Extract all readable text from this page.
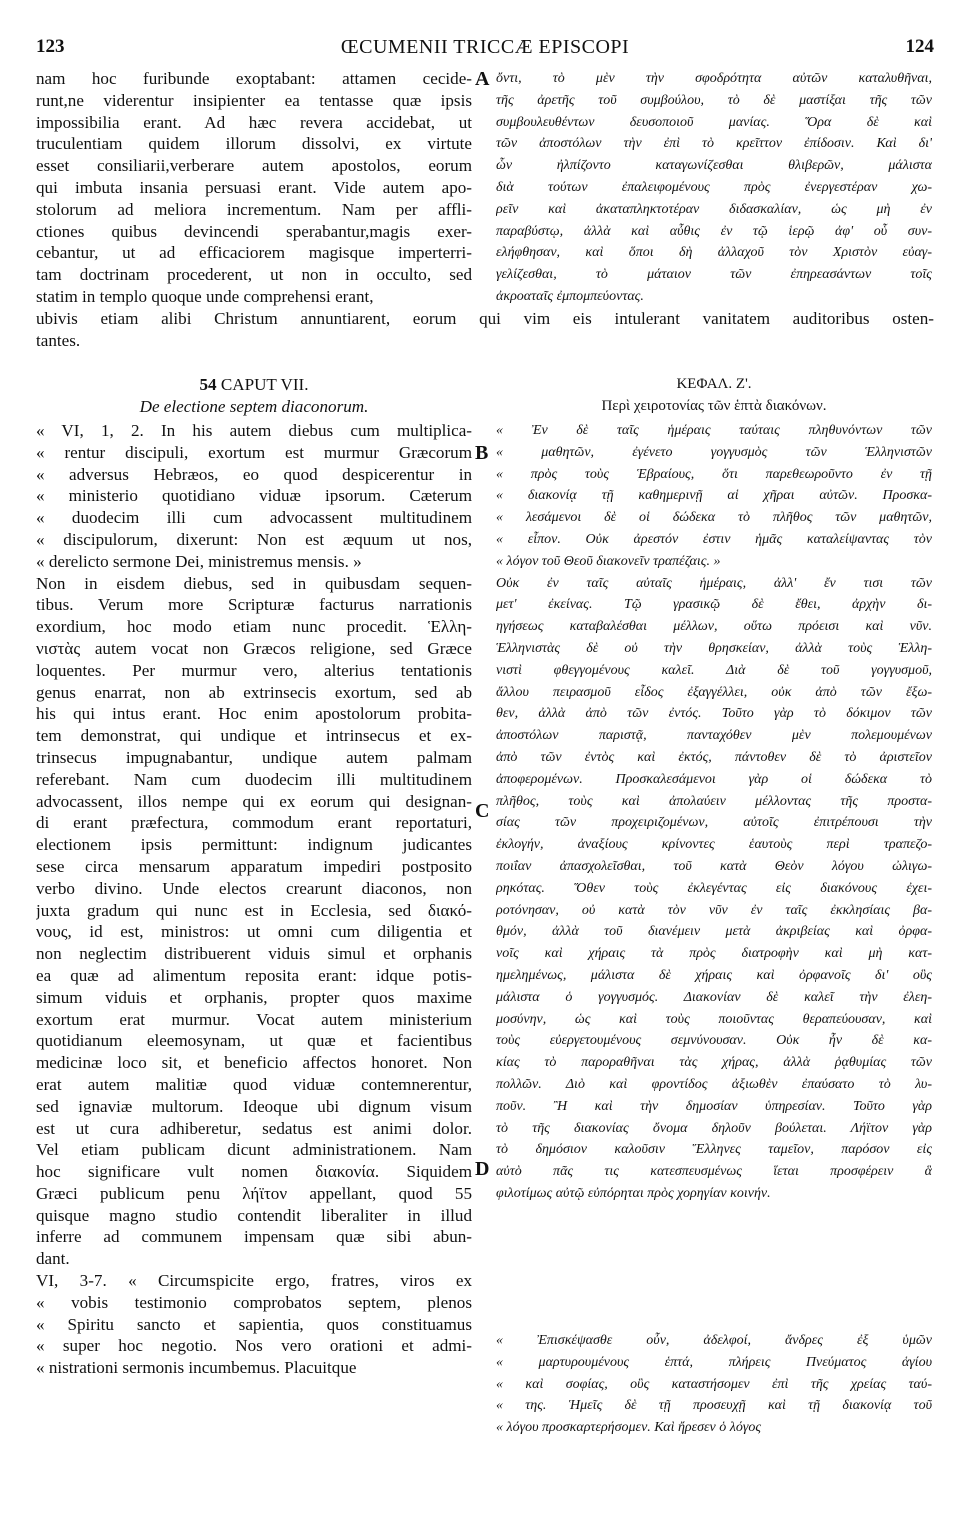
123	ŒCUMENII TRICCÆ EPISCOPI	124
nam hoc furibunde exoptabant: attamen cecide-
runt,ne viderentur insipienter ea tentasse quæ ipsis
impossibilia erant. Ad hæc revera accidebat, ut
truculentiam quidem illorum dissolvi, ex virtute
esset consiliarii,verberare autem apostolos, eorum
qui imbuta insania persuasi erant. Vide autem apo-
stolorum ad meliora incrementum. Nam per affli-
ctiones quibus devincendi sperabantur,magis exer-
cebantur, ut ad efficaciorem magisque imperterri-
tam doctrinam procederent, ut non in occulto, sed
statim in templo quoque unde comprehensi erant,
ὄντι, τὸ μὲν τὴν σφοδρότητα αὐτῶν καταλυθῆναι,
τῆς ἀρετῆς τοῦ συμβούλου, τὸ δὲ μαστίξαι τῆς τῶν
συμβουλευθέντων δευσοποιοῦ μανίας. Ὅρα δὲ καὶ
τῶν ἀποστόλων τὴν ἐπὶ τὸ κρεῖττον ἐπίδοσιν. Καὶ δι'
ὧν ἠλπίζοντο καταγωνίζεσθαι θλιβερῶν, μάλιστα
διὰ τούτων ἐπαλειφομένους πρὸς ἐνεργεστέραν χω-
ρεῖν καὶ ἀκαταπληκτοτέραν διδασκαλίαν, ὡς μὴ ἐν
παραβύστῳ, ἀλλὰ καὶ αὖθις ἐν τῷ ἱερῷ ἀφ' οὗ συν-
ελήφθησαν, καὶ ὅποι δὴ ἀλλαχοῦ τὸν Χριστὸν εὐαγ-
γελίζεσθαι, τὸ μάταιον τῶν ἐπηρεασάντων τοῖς
ἀκροαταῖς ἐμπομπεύοντας.
ubivis etiam alibi Christum annuntiarent, eorum qui vim eis intulerant vanitatem auditoribus osten-
tantes.
54 CAPUT VII.
De electione septem diaconorum.
ΚΕΦΑΛ. Ζ'.
Περὶ χειροτονίας τῶν ἑπτὰ διακόνων.
« VI, 1, 2. In his autem diebus cum multiplica-
« rentur discipuli, exortum est murmur Græcorum
« adversus Hebræos, eo quod despicerentur in
« ministerio quotidiano viduæ ipsorum. Cæterum
« duodecim illi cum advocassent multitudinem
« discipulorum, dixerunt: Non est æquum ut nos,
« derelicto sermone Dei, ministremus mensis. »
Non in eisdem diebus, sed in quibusdam sequen-
tibus. Verum more Scripturæ facturus narrationis
exordium, hoc modo etiam nunc procedit. Ἑλλη-
νιστὰς autem vocat non Græcos religione, sed Græce
loquentes. Per murmur vero, alterius tentationis
genus enarrat, non ab extrinsecis exortum, sed ab
his qui intus erant. Hoc enim apostolorum probita-
tem demonstrat, qui undique et intrinsecus et ex-
trinsecus impugnabantur, undique autem palmam
referebant. Nam cum duodecim illi multitudinem
advocassent, illos nempe qui ex eorum qui designan-
di erant præfectura, commodum erant reportaturi,
electionem ipsis permittunt: indignum judicantes
sese circa mensarum apparatum impediri postposito
verbo divino. Unde electos crearunt diaconos, non
juxta gradum qui nunc est in Ecclesia, sed διακό-
νους, id est, ministros: ut omni cum diligentia et
non neglectim distribuerent viduis simul et orphanis
ea quæ ad alimentum reposita erant: idque potis-
simum viduis et orphanis, propter quos maxime
exortum erat murmur. Vocat autem ministerium
quotidianum eleemosynam, ut quæ et facientibus
medicinæ loco sit, et beneficio affectos honoret. Non
erat autem malitiæ quod viduæ contemnerentur,
sed ignaviæ multorum. Ideoque ubi dignum visum
est ut cura adhiberetur, sedatus est animi dolor.
Vel etiam publicam dicunt administrationem. Nam
hoc significare vult nomen διακονία. Siquidem
Græci publicum penu λήϊτον appellant, quod 55
quisque magno studio contendit liberaliter in illud
inferre ad communem impensam quæ sibi abun-
dant.
VI, 3-7. « Circumspicite ergo, fratres, viros ex
« vobis testimonio comprobatos septem, plenos
« Spiritu sancto et sapientia, quos constituamus
« super hoc negotio. Nos vero orationi et admi-
« nistrationi sermonis incumbemus. Placuitque
« Ἐν δὲ ταῖς ἡμέραις ταύταις πληθυνόντων τῶν
« μαθητῶν, ἐγένετο γογγυσμὸς τῶν Ἑλληνιστῶν
« πρὸς τοὺς Ἑβραίους, ὅτι παρεθεωροῦντο ἐν τῇ
« διακονίᾳ τῇ καθημερινῇ αἱ χῆραι αὐτῶν. Προσκα-
« λεσάμενοι δὲ οἱ δώδεκα τὸ πλῆθος τῶν μαθητῶν,
« εἶπον. Οὐκ ἀρεστόν ἐστιν ἡμᾶς καταλείψαντας τὸν
« λόγον τοῦ Θεοῦ διακονεῖν τραπέζαις. »
Οὐκ ἐν ταῖς αὐταῖς ἡμέραις, ἀλλ' ἔν τισι τῶν
μετ' ἐκείνας. Τῷ γρασικῷ δὲ ἔθει, ἀρχὴν δι-
ηγήσεως καταβαλέσθαι μέλλων, οὕτω πρόεισι καὶ νῦν.
Ἑλληνιστὰς δὲ οὐ τὴν θρησκείαν, ἀλλὰ τοὺς Ἑλλη-
νιστὶ φθεγγομένους καλεῖ. Διὰ δὲ τοῦ γογγυσμοῦ,
ἄλλου πειρασμοῦ εἶδος ἐξαγγέλλει, οὐκ ἀπὸ τῶν ἔξω-
θεν, ἀλλὰ ἀπὸ τῶν ἐντός. Τοῦτο γὰρ τὸ δόκιμον τῶν
ἀποστόλων παριστᾷ, πανταχόθεν μὲν πολεμουμένων
ἀπὸ τῶν ἐντὸς καὶ ἐκτός, πάντοθεν δὲ τὸ ἀριστεῖον
ἀποφερομένων. Προσκαλεσάμενοι γὰρ οἱ δώδεκα τὸ
πλῆθος, τοὺς καὶ ἀπολαύειν μέλλοντας τῆς προστα-
σίας τῶν προχειριζομένων, αὐτοῖς ἐπιτρέπουσι τὴν
ἐκλογήν, ἀναξίους κρίνοντες ἑαυτοὺς περὶ τραπεζο-
ποιΐαν ἀπασχολεῖσθαι, τοῦ κατὰ Θεὸν λόγου ὠλιγω-
ρηκότας. Ὅθεν τοὺς ἐκλεγέντας εἰς διακόνους ἐχει-
ροτόνησαν, οὐ κατὰ τὸν νῦν ἐν ταῖς ἐκκλησίαις βα-
θμόν, ἀλλὰ τοῦ διανέμειν μετὰ ἀκριβείας καὶ ὀρφα-
νοῖς καὶ χήραις τὰ πρὸς διατροφὴν καὶ μὴ κατ-
ημελημένως, μάλιστα δὲ χήραις καὶ ὀρφανοῖς δι' οὓς
μάλιστα ὁ γογγυσμός. Διακονίαν δὲ καλεῖ τὴν ἐλεη-
μοσύνην, ὡς καὶ τοὺς ποιοῦντας θεραπεύουσαν, καὶ
τοὺς εὐεργετουμένους σεμνύνουσαν. Οὐκ ἦν δὲ κα-
κίας τὸ παροραθῆναι τὰς χήρας, ἀλλὰ ῥᾳθυμίας τῶν
πολλῶν. Διὸ καὶ φροντίδος ἀξιωθὲν ἐπαύσατο τὸ λυ-
ποῦν. Ἢ καὶ τὴν δημοσίαν ὑπηρεσίαν. Τοῦτο γὰρ
τὸ τῆς διακονίας ὄνομα δηλοῦν βούλεται. Λήϊτον γὰρ
τὸ δημόσιον καλοῦσιν Ἕλληνες ταμεῖον, παρόσον εἰς
αὐτὸ πᾶς τις κατεσπευσμένως ἵεται προσφέρειν ἃ
φιλοτίμως αὐτῷ εὐπόρηται πρὸς χορηγίαν κοινήν.
« Ἐπισκέψασθε οὖν, ἀδελφοί, ἄνδρες ἐξ ὑμῶν
« μαρτυρουμένους ἑπτά, πλήρεις Πνεύματος ἁγίου
« καὶ σοφίας, οὓς καταστήσομεν ἐπὶ τῆς χρείας ταύ-
« της. Ἡμεῖς δὲ τῇ προσευχῇ καὶ τῇ διακονίᾳ τοῦ
« λόγου προσκαρτερήσομεν. Καὶ ἤρεσεν ὁ λόγος
A
B
C
D
